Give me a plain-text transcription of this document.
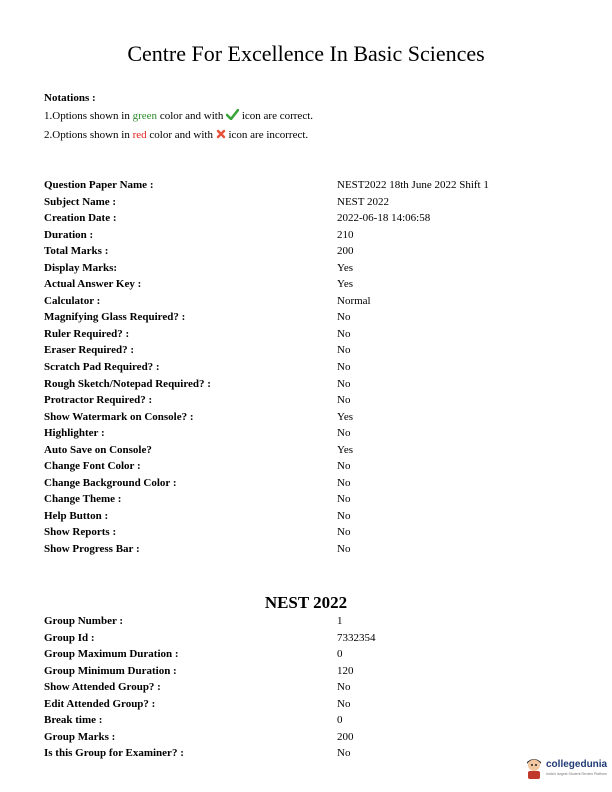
Centre For Excellence In Basic Sciences
Notations :
1.Options shown in green color and with  icon are correct.
2.Options shown in red color and with  icon are incorrect.
Question Paper Name :	NEST2022 18th June 2022 Shift 1
Subject Name :	NEST 2022
Creation Date :	2022-06-18 14:06:58
Duration :	210
Total Marks :	200
Display Marks:	Yes
Actual Answer Key :	Yes
Calculator :	Normal
Magnifying Glass Required? :	No
Ruler Required? :	No
Eraser Required? :	No
Scratch Pad Required? :	No
Rough Sketch/Notepad Required? :	No
Protractor Required? :	No
Show Watermark on Console? :	Yes
Highlighter :	No
Auto Save on Console?	Yes
Change Font Color :	No
Change Background Color :	No
Change Theme :	No
Help Button :	No
Show Reports :	No
Show Progress Bar :	No
NEST 2022
Group Number :	1
Group Id :	7332354
Group Maximum Duration :	0
Group Minimum Duration :	120
Show Attended Group? :	No
Edit Attended Group? :	No
Break time :	0
Group Marks :	200
Is this Group for Examiner? :	No
collegedunia
India's largest Student Review Platform
